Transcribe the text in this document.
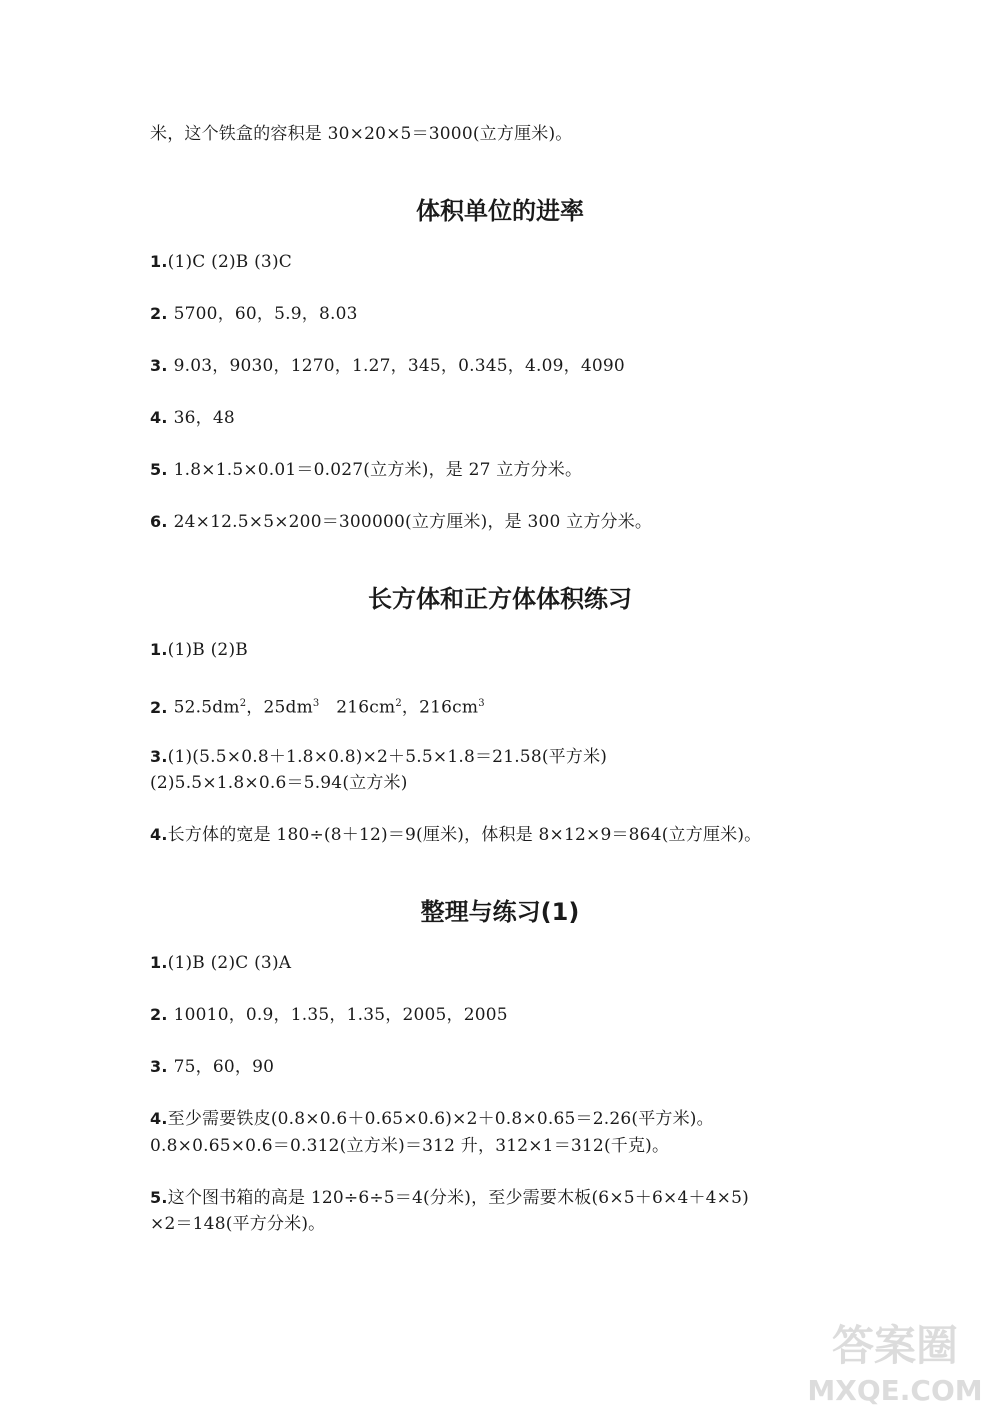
米，这个铁盒的容积是 30×20×5＝3000(立方厘米)。
体积单位的进率
1.(1)C (2)B (3)C
2. 5700，60，5.9，8.03
3. 9.03，9030，1270，1.27，345，0.345，4.09，4090
4. 36，48
5. 1.8×1.5×0.01＝0.027(立方米)，是 27 立方分米。
6. 24×12.5×5×200＝300000(立方厘米)，是 300 立方分米。
长方体和正方体体积练习
1.(1)B (2)B
2. $52.5dm^2$，$25dm^3$   $216cm^2$，$216cm^3$
3.(1)(5.5×0.8＋1.8×0.8)×2＋5.5×1.8＝21.58(平方米)
(2)5.5×1.8×0.6＝5.94(立方米)
4.长方体的宽是 180÷(8＋12)＝9(厘米)，体积是 8×12×9＝864(立方厘米)。
整理与练习(1)
1.(1)B (2)C (3)A
2. 10010，0.9，1.35，1.35，2005，2005
3. 75，60，90
4.至少需要铁皮(0.8×0.6＋0.65×0.6)×2＋0.8×0.65＝2.26(平方米)。
0.8×0.65×0.6＝0.312(立方米)＝312 升，312×1＝312(千克)。
5.这个图书箱的高是 120÷6÷5＝4(分米)，至少需要木板(6×5＋6×4＋4×5)
×2＝148(平方分米)。
答案圈
MXQE.COM
